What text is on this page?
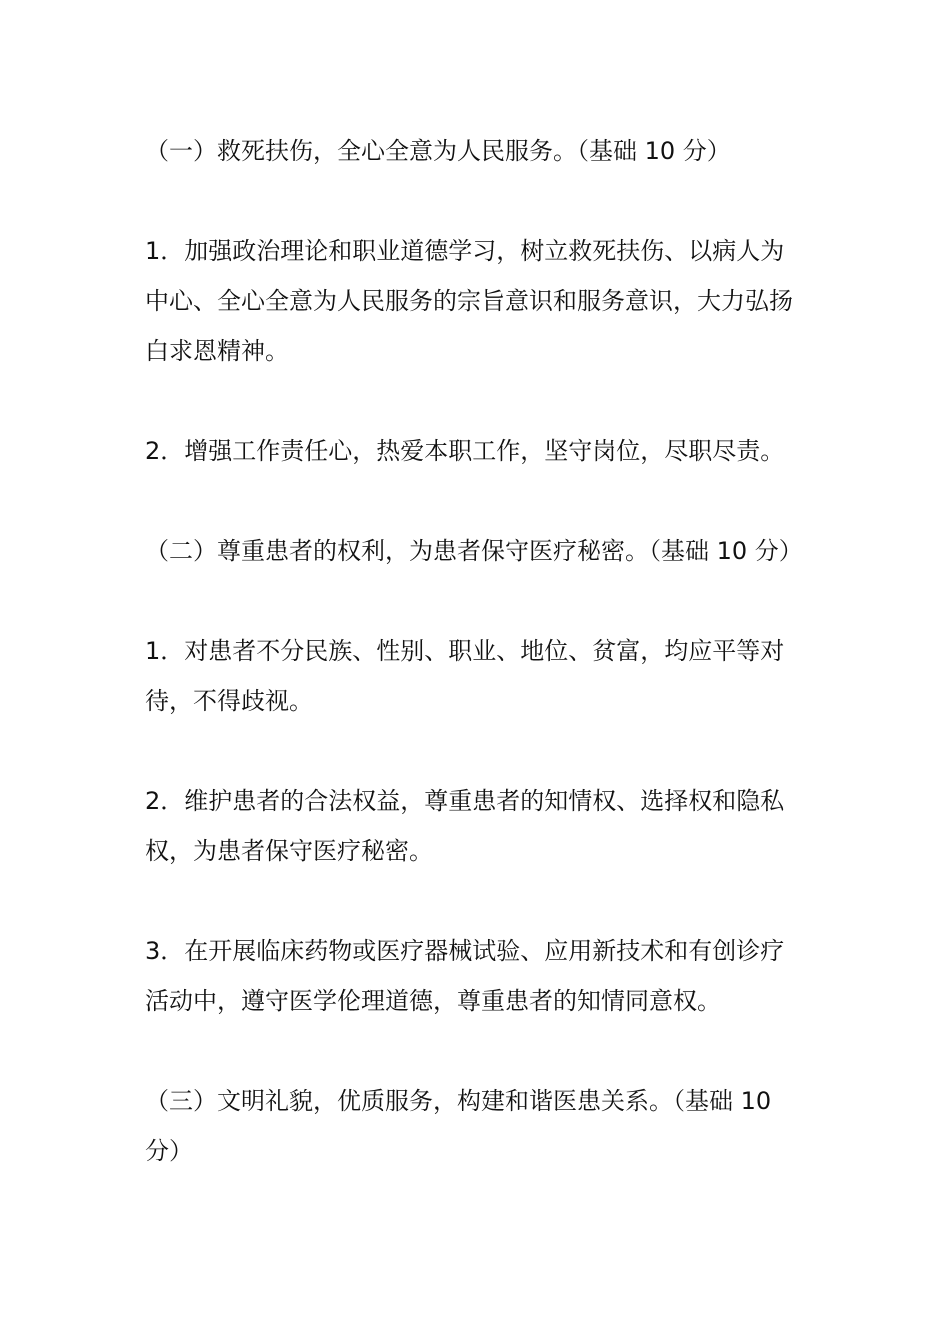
（一）救死扶伤，全心全意为人民服务。（基础 10 分）

1．加强政治理论和职业道德学习，树立救死扶伤、以病人为中心、全心全意为人民服务的宗旨意识和服务意识，大力弘扬白求恩精神。

2．增强工作责任心，热爱本职工作，坚守岗位，尽职尽责。

（二）尊重患者的权利，为患者保守医疗秘密。（基础 10 分）

1．对患者不分民族、性别、职业、地位、贫富，均应平等对待，不得歧视。

2．维护患者的合法权益，尊重患者的知情权、选择权和隐私权，为患者保守医疗秘密。

3．在开展临床药物或医疗器械试验、应用新技术和有创诊疗活动中，遵守医学伦理道德，尊重患者的知情同意权。

（三）文明礼貌，优质服务，构建和谐医患关系。（基础 10 分）
